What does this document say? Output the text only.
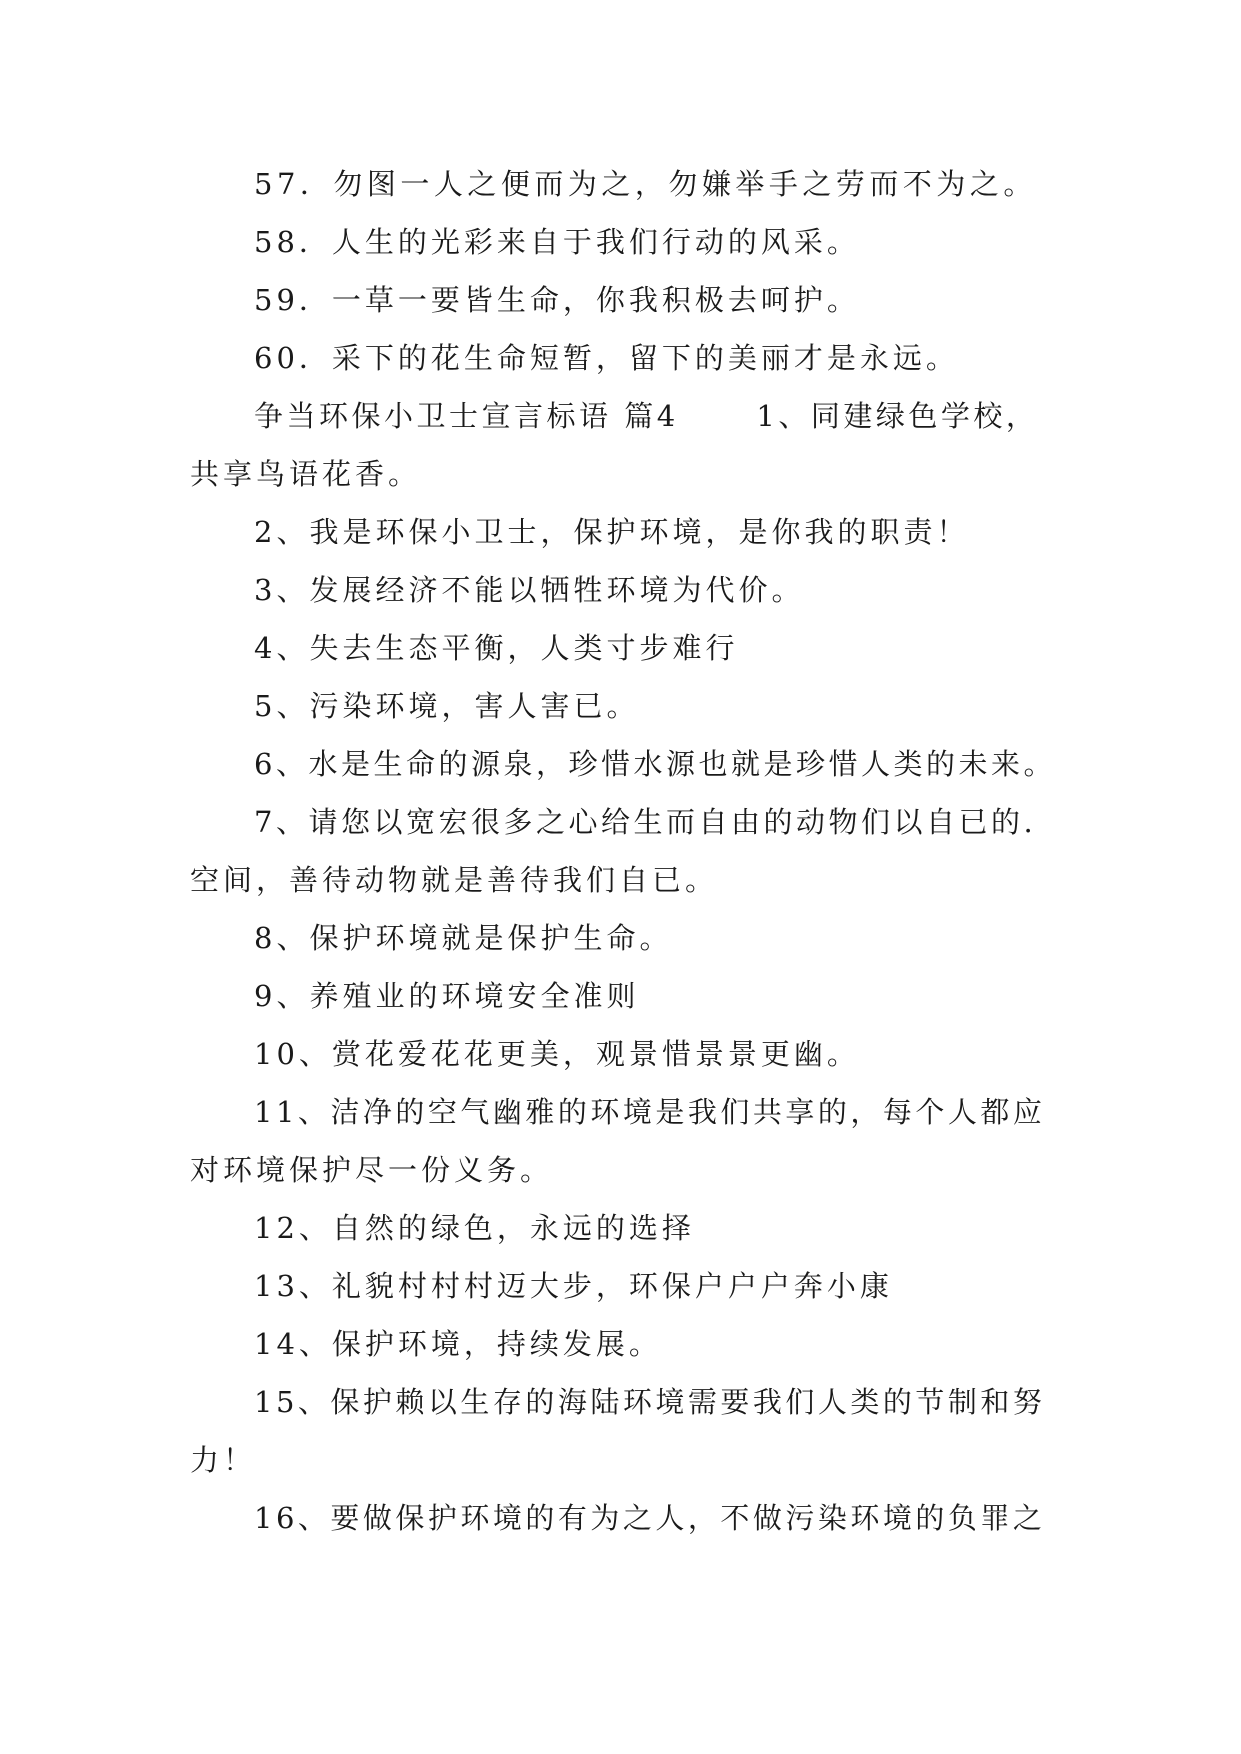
57．勿图一人之便而为之，勿嫌举手之劳而不为之。

58．人生的光彩来自于我们行动的风采。

59．一草一要皆生命，你我积极去呵护。

60．采下的花生命短暂，留下的美丽才是永远。

争当环保小卫士宣言标语 篇4 　　1、同建绿色学校，

共享鸟语花香。

2、我是环保小卫士，保护环境，是你我的职责！

3、发展经济不能以牺牲环境为代价。

4、失去生态平衡，人类寸步难行

5、污染环境，害人害已。

6、水是生命的源泉，珍惜水源也就是珍惜人类的未来。

7、请您以宽宏很多之心给生而自由的动物们以自已的.

空间，善待动物就是善待我们自已。

8、保护环境就是保护生命。

9、养殖业的环境安全准则

10、赏花爱花花更美，观景惜景景更幽。

11、洁净的空气幽雅的环境是我们共享的，每个人都应

对环境保护尽一份义务。

12、自然的绿色，永远的选择

13、礼貌村村村迈大步，环保户户户奔小康

14、保护环境，持续发展。

15、保护赖以生存的海陆环境需要我们人类的节制和努

力！

16、要做保护环境的有为之人，不做污染环境的负罪之
